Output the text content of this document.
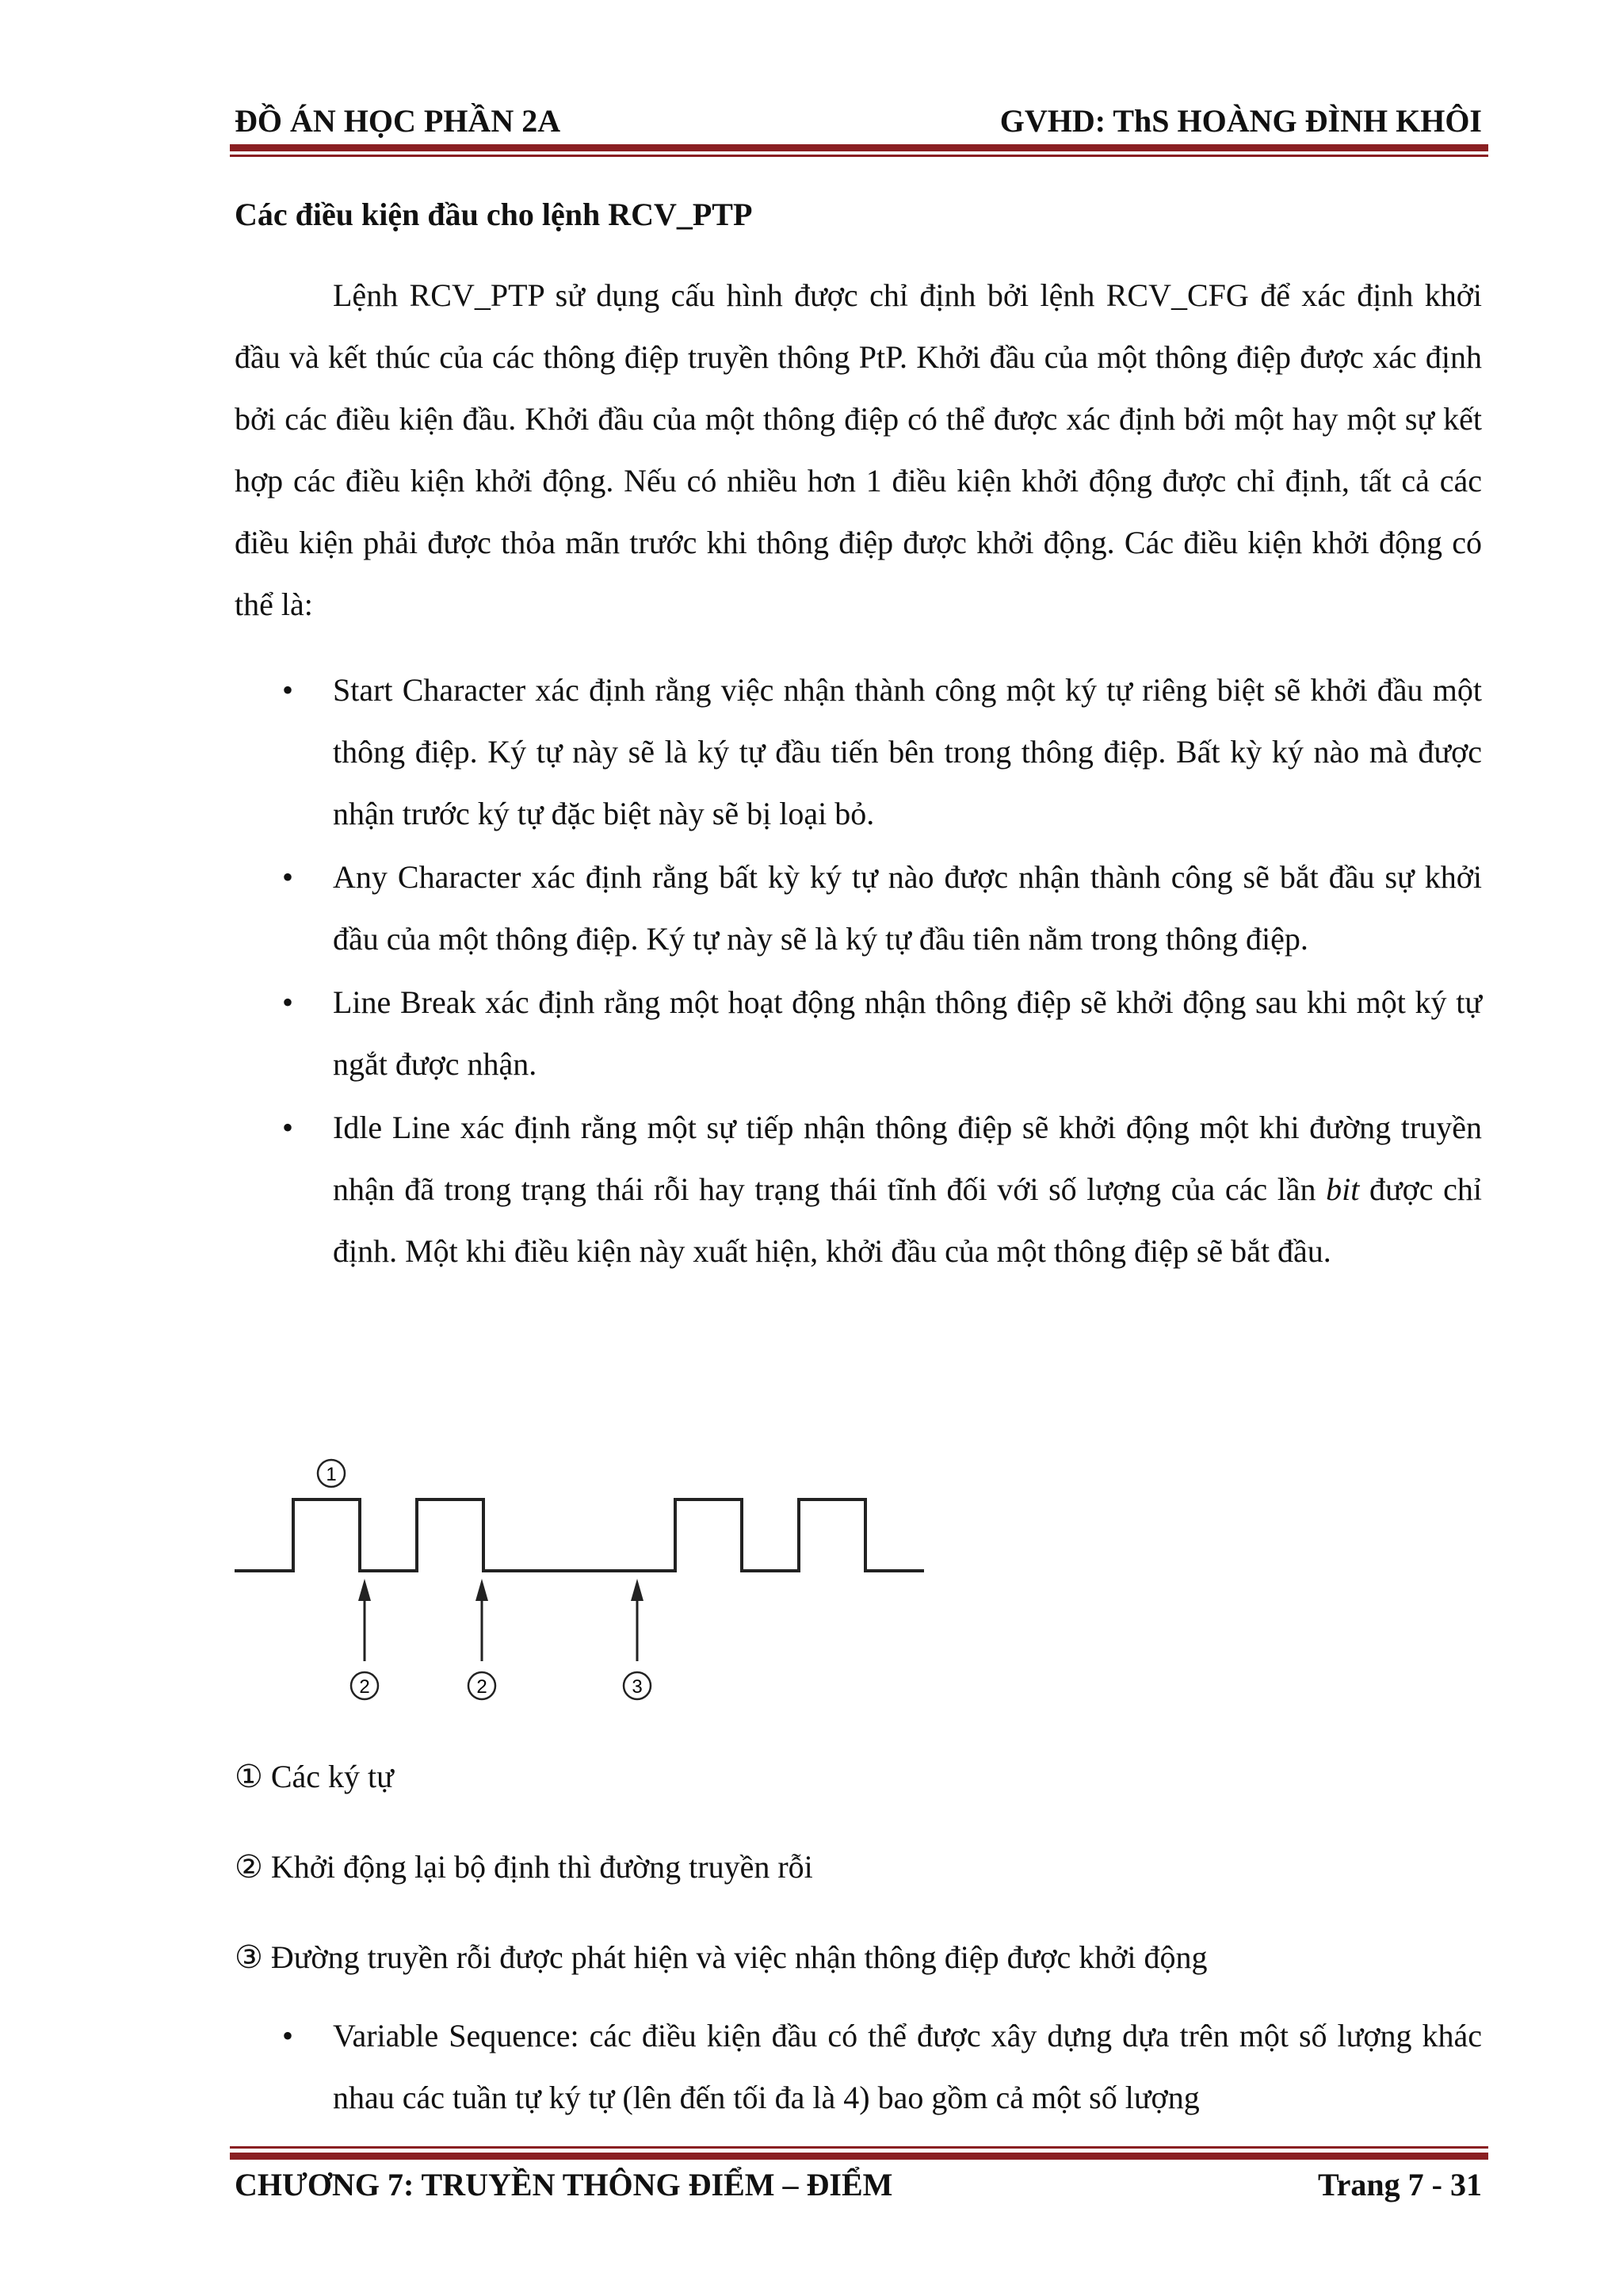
ĐỒ ÁN HỌC PHẦN 2A	GVHD: ThS HOÀNG ĐÌNH KHÔI

Các điều kiện đầu cho lệnh RCV_PTP

Lệnh RCV_PTP sử dụng cấu hình được chỉ định bởi lệnh RCV_CFG để xác định khởi đầu và kết thúc của các thông điệp truyền thông PtP. Khởi đầu của một thông điệp được xác định bởi các điều kiện đầu. Khởi đầu của một thông điệp có thể được xác định bởi một hay một sự kết hợp các điều kiện khởi động. Nếu có nhiều hơn 1 điều kiện khởi động được chỉ định, tất cả các điều kiện phải được thỏa mãn trước khi thông điệp được khởi động. Các điều kiện khởi động có thể là:

• Start Character xác định rằng việc nhận thành công một ký tự riêng biệt sẽ khởi đầu một thông điệp. Ký tự này sẽ là ký tự đầu tiến bên trong thông điệp. Bất kỳ ký nào mà được nhận trước ký tự đặc biệt này sẽ bị loại bỏ.
• Any Character xác định rằng bất kỳ ký tự nào được nhận thành công sẽ bắt đầu sự khởi đầu của một thông điệp. Ký tự này sẽ là ký tự đầu tiên nằm trong thông điệp.
• Line Break xác định rằng một hoạt động nhận thông điệp sẽ khởi động sau khi một ký tự ngắt được nhận.
• Idle Line xác định rằng một sự tiếp nhận thông điệp sẽ khởi động một khi đường truyền nhận đã trong trạng thái rỗi hay trạng thái tĩnh đối với số lượng của các lần bit được chỉ định. Một khi điều kiện này xuất hiện, khởi đầu của một thông điệp sẽ bắt đầu.
1
2	2	3
① Các ký tự
② Khởi động lại bộ định thì đường truyền rỗi
③ Đường truyền rỗi được phát hiện và việc nhận thông điệp được khởi động
• Variable Sequence: các điều kiện đầu có thể được xây dựng dựa trên một số lượng khác nhau các tuần tự ký tự (lên đến tối đa là 4) bao gồm cả một số lượng
CHƯƠNG 7: TRUYỀN THÔNG ĐIỂM – ĐIỂM	Trang 7 - 31
